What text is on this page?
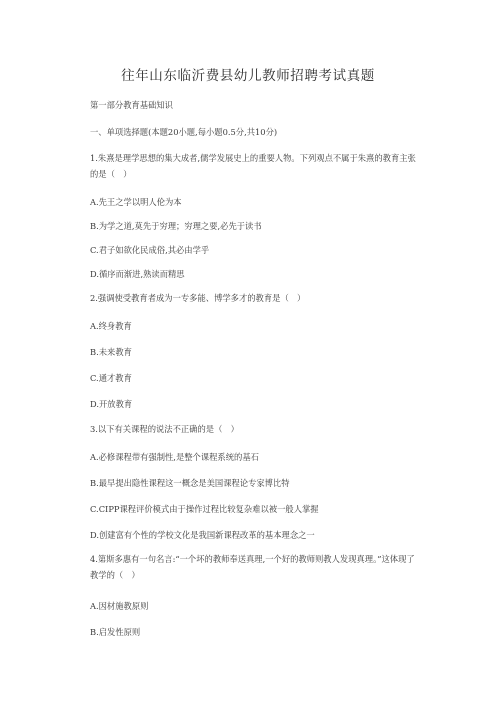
往年山东临沂费县幼儿教师招聘考试真题
第一部分教育基础知识
一、单项选择题(本题20小题,每小题0.5分,共10分)
1.朱熹是理学思想的集大成者,儒学发展史上的重要人物。下列观点不属于朱熹的教育主张的是（　）
A.先王之学以明人伦为本
B.为学之道,莫先于穷理；穷理之要,必先于读书
C.君子如欲化民成俗,其必由学乎
D.循序而渐进,熟读而精思
2.强调使受教育者成为一专多能、博学多才的教育是（　）
A.终身教育
B.未来教育
C.通才教育
D.开放教育
3.以下有关课程的说法不正确的是（　）
A.必修课程带有强制性,是整个课程系统的基石
B.最早提出隐性课程这一概念是美国课程论专家博比特
C.CIPP课程评价模式由于操作过程比较复杂难以被一般人掌握
D.创建富有个性的学校文化是我国新课程改革的基本理念之一
4.第斯多惠有一句名言:“一个坏的教师奉送真理,一个好的教师则教人发现真理。”这体现了教学的（　）
A.因材施教原则
B.启发性原则
